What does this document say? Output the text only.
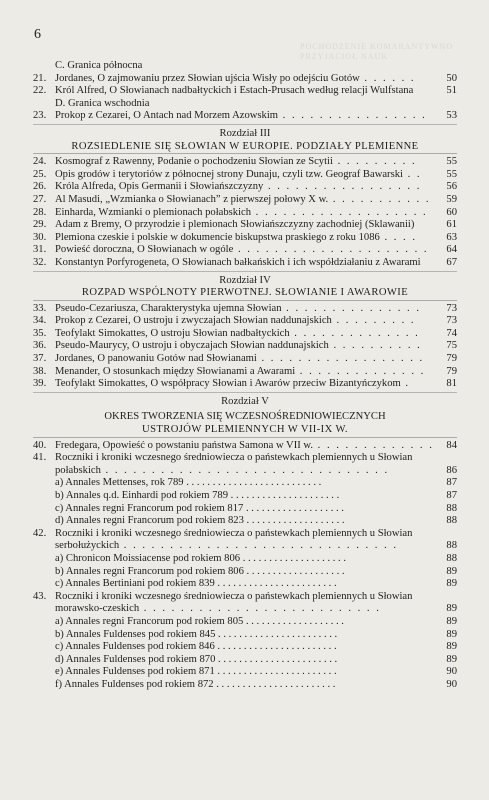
POCHODZENIE KOMARANTYWNO PRZYJACIOŁ NAUK
6
C. Granica północna
21. Jordanes, O zajmowaniu przez Słowian ujścia Wisły po odejściu Gotów . . . . . .	50
22. Król Alfred, O Słowianach nadbałtyckich i Estach-Prusach według relacji Wulfstana	51
D. Granica wschodnia
23. Prokop z Cezarei, O Antach nad Morzem Azowskim . . . . . . . . . . . . . . . .	53
Rozdział III
ROZSIEDLENIE SIĘ SŁOWIAN W EUROPIE. PODZIAŁY PLEMIENNE
24. Kosmograf z Rawenny, Podanie o pochodzeniu Słowian ze Scytii . . . . . . . . .	55
25. Opis grodów i terytoriów z północnej strony Dunaju, czyli tzw. Geograf Bawarski . .	55
26. Króla Alfreda, Opis Germanii i Słowiańszczyzny . . . . . . . . . . . . . . . . .	56
27. Al Masudi, „Wzmianka o Słowianach” z pierwszej połowy X w. . . . . . . . . . . .	59
28. Einharda, Wzmianki o plemionach połabskich . . . . . . . . . . . . . . . . . . .	60
29. Adam z Bremy, O przyrodzie i plemionach Słowiańszczyzny zachodniej (Sklawanii)	61
30. Plemiona czeskie i polskie w dokumencie biskupstwa praskiego z roku 1086 . . . .	63
31. Powieść doroczna, O Słowianach w ogóle . . . . . . . . . . . . . . . . . . . . .	64
32. Konstantyn Porfyrogeneta, O Słowianach bałkańskich i ich współdziałaniu z Awarami	67
Rozdział IV
ROZPAD WSPÓLNOTY PIERWOTNEJ. SŁOWIANIE I AWAROWIE
33. Pseudo-Cezariusza, Charakterystyka ujemna Słowian . . . . . . . . . . . . . . .	73
34. Prokop z Cezarei, O ustroju i zwyczajach Słowian naddunajskich . . . . . . . . .	73
35. Teofylakt Simokattes, O ustroju Słowian nadbałtyckich . . . . . . . . . . . . . .	74
36. Pseudo-Maurycy, O ustroju i obyczajach Słowian naddunajskich . . . . . . . . . .	75
37. Jordanes, O panowaniu Gotów nad Słowianami . . . . . . . . . . . . . . . . . .	79
38. Menander, O stosunkach między Słowianami a Awarami . . . . . . . . . . . . . .	79
39. Teofylakt Simokattes, O współpracy Słowian i Awarów przeciw Bizantyńczykom .	81
Rozdział V
OKRES TWORZENIA SIĘ WCZESNOŚREDNIOWIECZNYCH
USTROJÓW PLEMIENNYCH W VII-IX W.
40. Fredegara, Opowieść o powstaniu państwa Samona w VII w. . . . . . . . . . . . . .	84
41. Roczniki i kroniki wczesnego średniowiecza o państewkach plemiennych u Słowian połabskich . . . . . . . . . . . . . . . . . . . . . . . . . . . . . . .	86
a) Annales Mettenses, rok 789 . . . . . . . . . . . . . . . . . . . . . . . . . .	87
b) Annales q.d. Einhardi pod rokiem 789 . . . . . . . . . . . . . . . . . . . . .	87
c) Annales regni Francorum pod rokiem 817 . . . . . . . . . . . . . . . . . . .	88
d) Annales regni Francorum pod rokiem 823 . . . . . . . . . . . . . . . . . . .	88
42. Roczniki i kroniki wczesnego średniowiecza o państewkach plemiennych u Słowian serbołużyckich . . . . . . . . . . . . . . . . . . . . . . . . . . . . . .	88
a) Chronicon Moissiacense pod rokiem 806 . . . . . . . . . . . . . . . . . . . .	88
b) Annales regni Francorum pod rokiem 806 . . . . . . . . . . . . . . . . . . .	89
c) Annales Bertiniani pod rokiem 839 . . . . . . . . . . . . . . . . . . . . . . .	89
43. Roczniki i kroniki wczesnego średniowiecza o państewkach plemiennych u Słowian morawsko-czeskich . . . . . . . . . . . . . . . . . . . . . . . . . .	89
a) Annales regni Francorum pod rokiem 805 . . . . . . . . . . . . . . . . . . .	89
b) Annales Fuldenses pod rokiem 845 . . . . . . . . . . . . . . . . . . . . . . .	89
c) Annales Fuldenses pod rokiem 846 . . . . . . . . . . . . . . . . . . . . . . .	89
d) Annales Fuldenses pod rokiem 870 . . . . . . . . . . . . . . . . . . . . . . .	89
e) Annales Fuldenses pod rokiem 871 . . . . . . . . . . . . . . . . . . . . . . .	90
f) Annales Fuldenses pod rokiem 872 . . . . . . . . . . . . . . . . . . . . . . .	90
